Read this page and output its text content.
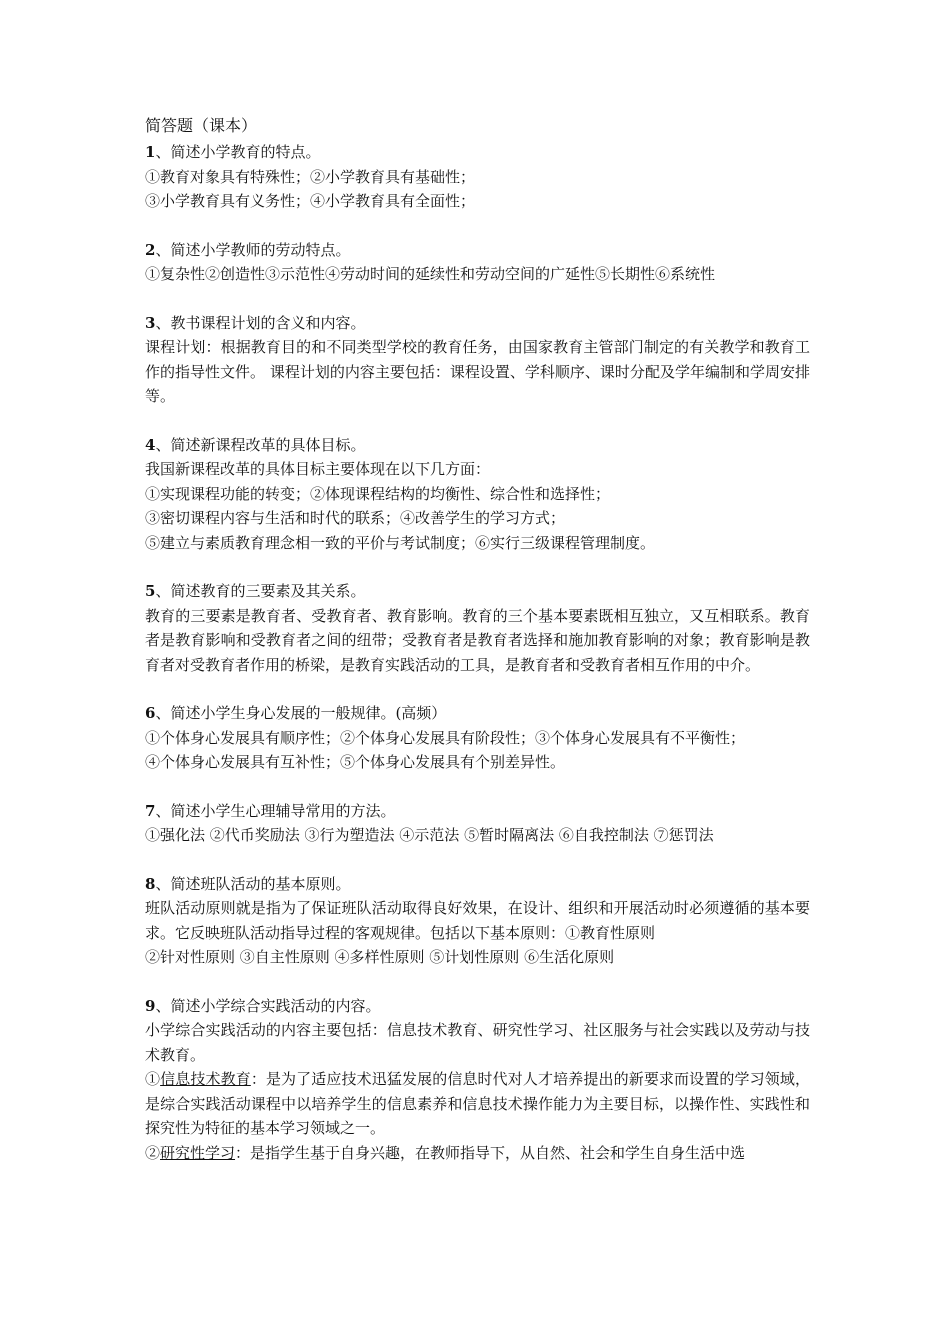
简答题（课本）

1、简述小学教育的特点。

①教育对象具有特殊性；②小学教育具有基础性；

③小学教育具有义务性；④小学教育具有全面性；

2、简述小学教师的劳动特点。

①复杂性②创造性③示范性④劳动时间的延续性和劳动空间的广延性⑤长期性⑥系统性

3、教书课程计划的含义和内容。

课程计划：根据教育目的和不同类型学校的教育任务，由国家教育主管部门制定的有关教学和教育工作的指导性文件。 课程计划的内容主要包括：课程设置、学科顺序、课时分配及学年编制和学周安排等。

4、简述新课程改革的具体目标。

我国新课程改革的具体目标主要体现在以下几方面：

①实现课程功能的转变；②体现课程结构的均衡性、综合性和选择性；

③密切课程内容与生活和时代的联系；④改善学生的学习方式；

⑤建立与素质教育理念相一致的平价与考试制度；⑥实行三级课程管理制度。

5、简述教育的三要素及其关系。

教育的三要素是教育者、受教育者、教育影响。教育的三个基本要素既相互独立，又互相联系。教育者是教育影响和受教育者之间的纽带；受教育者是教育者选择和施加教育影响的对象；教育影响是教育者对受教育者作用的桥梁，是教育实践活动的工具，是教育者和受教育者相互作用的中介。

6、简述小学生身心发展的一般规律。(高频）

①个体身心发展具有顺序性；②个体身心发展具有阶段性；③个体身心发展具有不平衡性；

④个体身心发展具有互补性；⑤个体身心发展具有个别差异性。

7、简述小学生心理辅导常用的方法。

①强化法 ②代币奖励法 ③行为塑造法 ④示范法 ⑤暂时隔离法 ⑥自我控制法 ⑦惩罚法

8、简述班队活动的基本原则。

班队活动原则就是指为了保证班队活动取得良好效果，在设计、组织和开展活动时必须遵循的基本要求。它反映班队活动指导过程的客观规律。包括以下基本原则：①教育性原则

②针对性原则 ③自主性原则 ④多样性原则 ⑤计划性原则 ⑥生活化原则

9、简述小学综合实践活动的内容。

小学综合实践活动的内容主要包括：信息技术教育、研究性学习、社区服务与社会实践以及劳动与技术教育。

①信息技术教育：是为了适应技术迅猛发展的信息时代对人才培养提出的新要求而设置的学习领域，是综合实践活动课程中以培养学生的信息素养和信息技术操作能力为主要目标，以操作性、实践性和探究性为特征的基本学习领域之一。

②研究性学习：是指学生基于自身兴趣，在教师指导下，从自然、社会和学生自身生活中选
